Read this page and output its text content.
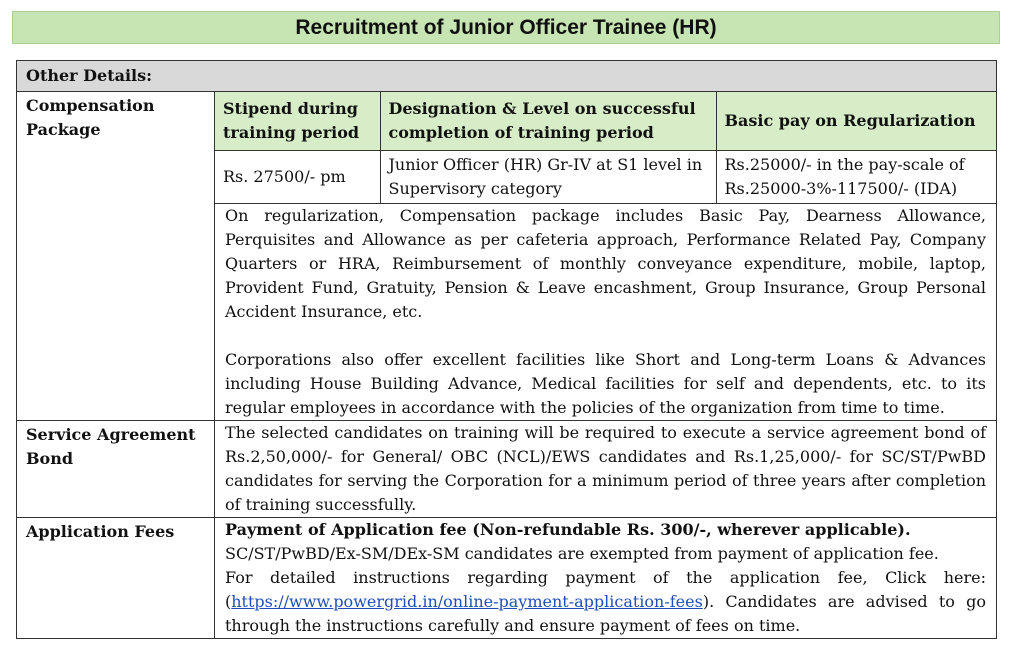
Recruitment of Junior Officer Trainee (HR)
Other Details:
Compensation Package	
Stipend during training period	Designation & Level on successful completion of training period	Basic pay on Regularization
Rs. 27500/- pm	Junior Officer (HR) Gr-IV at S1 level in Supervisory category	Rs.25000/- in the pay-scale of Rs.25000-3%-117500/- (IDA)
On regularization, Compensation package includes Basic Pay, Dearness Allowance, Perquisites and Allowance as per cafeteria approach, Performance Related Pay, Company Quarters or HRA, Reimbursement of monthly conveyance expenditure, mobile, laptop, Provident Fund, Gratuity, Pension & Leave encashment, Group Insurance, Group Personal Accident Insurance, etc.
Corporations also offer excellent facilities like Short and Long-term Loans & Advances including House Building Advance, Medical facilities for self and dependents, etc. to its regular employees in accordance with the policies of the organization from time to time.

Service Agreement Bond	The selected candidates on training will be required to execute a service agreement bond of Rs.2,50,000/- for General/ OBC (NCL)/EWS candidates and Rs.1,25,000/- for SC/ST/PwBD candidates for serving the Corporation for a minimum period of three years after completion of training successfully.
Application Fees	Payment of Application fee (Non-refundable Rs. 300/-, wherever applicable).
SC/ST/PwBD/Ex-SM/DEx-SM candidates are exempted from payment of application fee.
For detailed instructions regarding payment of the application fee, Click here: (https://www.powergrid.in/online-payment-application-fees). Candidates are advised to go through the instructions carefully and ensure payment of fees on time.
